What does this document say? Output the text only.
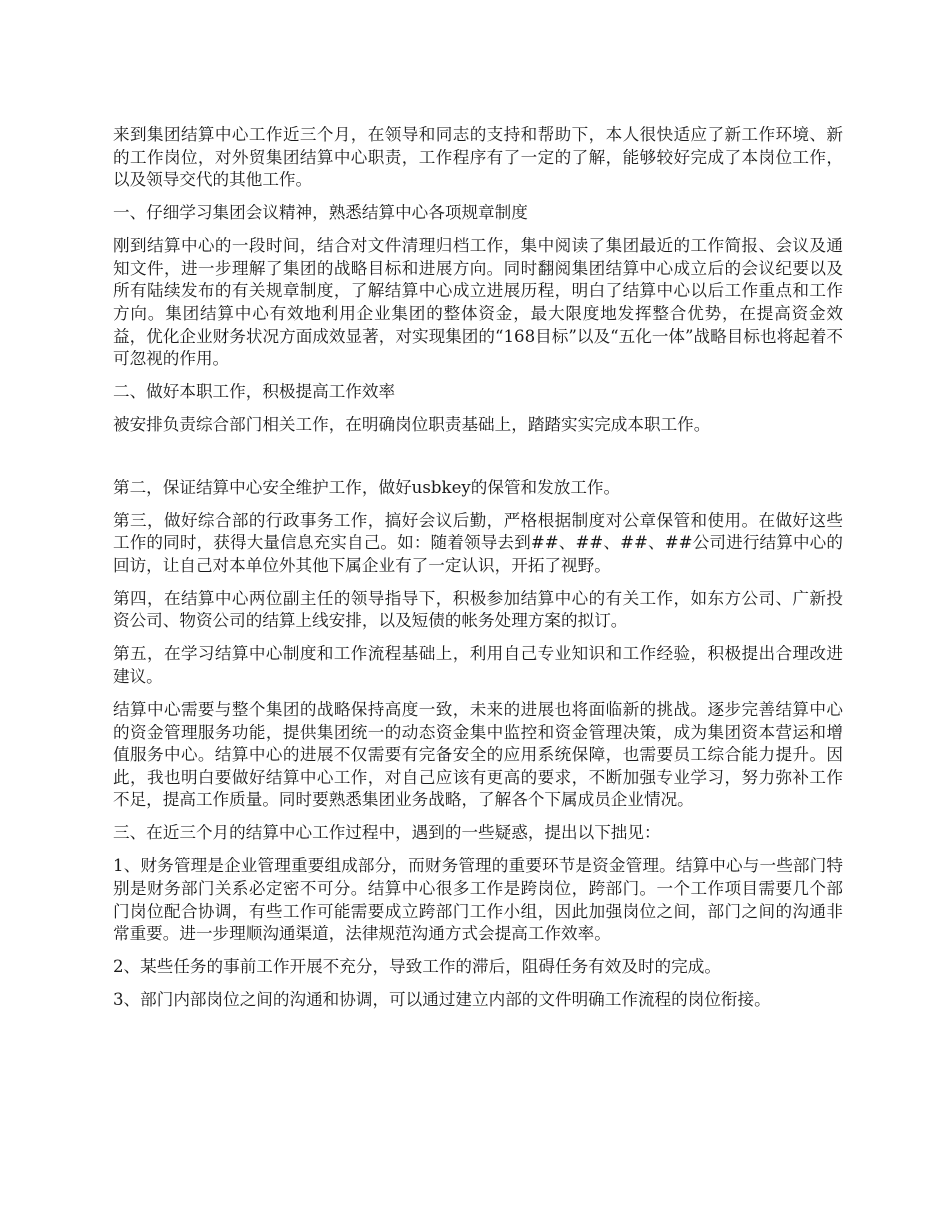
来到集团结算中心工作近三个月，在领导和同志的支持和帮助下，本人很快适应了新工作环境、新的工作岗位，对外贸集团结算中心职责，工作程序有了一定的了解，能够较好完成了本岗位工作，以及领导交代的其他工作。

一、仔细学习集团会议精神，熟悉结算中心各项规章制度

刚到结算中心的一段时间，结合对文件清理归档工作，集中阅读了集团最近的工作简报、会议及通知文件，进一步理解了集团的战略目标和进展方向。同时翻阅集团结算中心成立后的会议纪要以及所有陆续发布的有关规章制度，了解结算中心成立进展历程，明白了结算中心以后工作重点和工作方向。集团结算中心有效地利用企业集团的整体资金，最大限度地发挥整合优势，在提高资金效益，优化企业财务状况方面成效显著，对实现集团的“168目标”以及“五化一体”战略目标也将起着不可忽视的作用。

二、做好本职工作，积极提高工作效率

被安排负责综合部门相关工作，在明确岗位职责基础上，踏踏实实完成本职工作。

第二，保证结算中心安全维护工作，做好usbkey的保管和发放工作。

第三，做好综合部的行政事务工作，搞好会议后勤，严格根据制度对公章保管和使用。在做好这些工作的同时，获得大量信息充实自己。如：随着领导去到##、##、##、##公司进行结算中心的回访，让自己对本单位外其他下属企业有了一定认识，开拓了视野。

第四，在结算中心两位副主任的领导指导下，积极参加结算中心的有关工作，如东方公司、广新投资公司、物资公司的结算上线安排，以及短债的帐务处理方案的拟订。

第五，在学习结算中心制度和工作流程基础上，利用自己专业知识和工作经验，积极提出合理改进建议。

结算中心需要与整个集团的战略保持高度一致，未来的进展也将面临新的挑战。逐步完善结算中心的资金管理服务功能，提供集团统一的动态资金集中监控和资金管理决策，成为集团资本营运和增值服务中心。结算中心的进展不仅需要有完备安全的应用系统保障，也需要员工综合能力提升。因此，我也明白要做好结算中心工作，对自己应该有更高的要求，不断加强专业学习，努力弥补工作不足，提高工作质量。同时要熟悉集团业务战略，了解各个下属成员企业情况。

三、在近三个月的结算中心工作过程中，遇到的一些疑惑，提出以下拙见：

1、财务管理是企业管理重要组成部分，而财务管理的重要环节是资金管理。结算中心与一些部门特别是财务部门关系必定密不可分。结算中心很多工作是跨岗位，跨部门。一个工作项目需要几个部门岗位配合协调，有些工作可能需要成立跨部门工作小组，因此加强岗位之间，部门之间的沟通非常重要。进一步理顺沟通渠道，法律规范沟通方式会提高工作效率。

2、某些任务的事前工作开展不充分，导致工作的滞后，阻碍任务有效及时的完成。

3、部门内部岗位之间的沟通和协调，可以通过建立内部的文件明确工作流程的岗位衔接。
